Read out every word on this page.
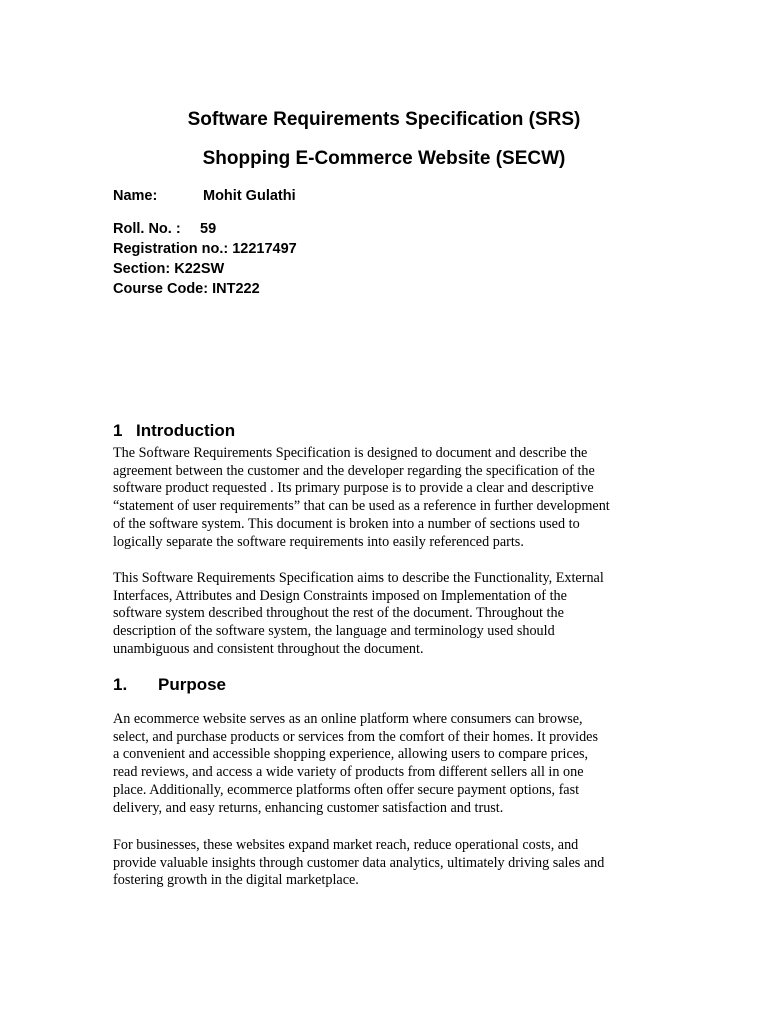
Software Requirements Specification (SRS)
Shopping E-Commerce Website (SECW)

Name:	Mohit Gulathi

Roll. No. : 59

Registration no.: 12217497

Section: K22SW

Course Code: INT222

1 Introduction

The Software Requirements Specification is designed to document and describe the
agreement between the customer and the developer regarding the specification of the
software product requested . Its primary purpose is to provide a clear and descriptive
“statement of user requirements” that can be used as a reference in further development
of the software system. This document is broken into a number of sections used to
logically separate the software requirements into easily referenced parts.

This Software Requirements Specification aims to describe the Functionality, External
Interfaces, Attributes and Design Constraints imposed on Implementation of the
software system described throughout the rest of the document. Throughout the
description of the software system, the language and terminology used should
unambiguous and consistent throughout the document.

1. Purpose

An ecommerce website serves as an online platform where consumers can browse,
select, and purchase products or services from the comfort of their homes. It provides
a convenient and accessible shopping experience, allowing users to compare prices,
read reviews, and access a wide variety of products from different sellers all in one
place. Additionally, ecommerce platforms often offer secure payment options, fast
delivery, and easy returns, enhancing customer satisfaction and trust.

For businesses, these websites expand market reach, reduce operational costs, and
provide valuable insights through customer data analytics, ultimately driving sales and
fostering growth in the digital marketplace.
